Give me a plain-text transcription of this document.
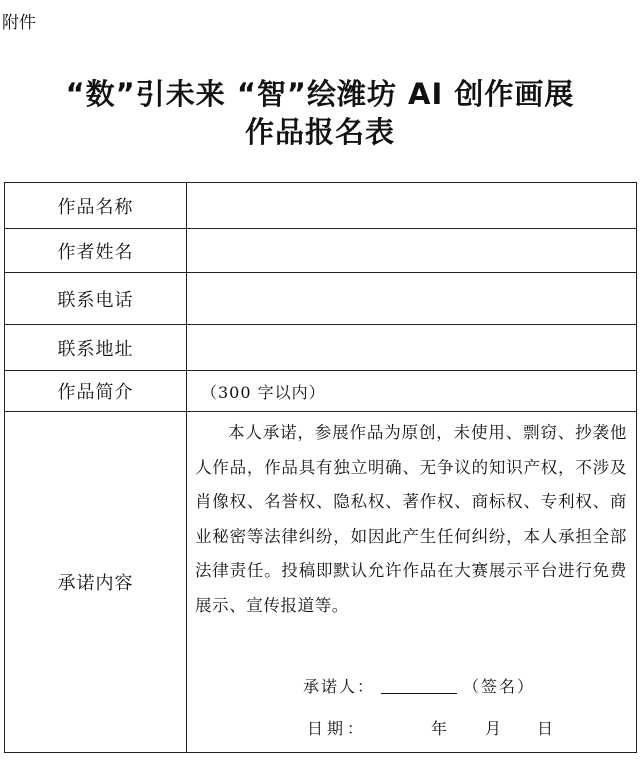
附件
“数”引未来 “智”绘潍坊 AI 创作画展
作品报名表
作品名称	
作者姓名	
联系电话	
联系地址	
作品简介	（300 字以内）

承诺内容	本人承诺，参展作品为原创，未使用、剽窃、抄袭他人作品，作品具有独立明确、无争议的知识产权，不涉及肖像权、名誉权、隐私权、著作权、商标权、专利权、商业秘密等法律纠纷，如因此产生任何纠纷，本人承担全部法律责任。投稿即默认允许作品在大赛展示平台进行免费展示、宣传报道等。
承诺人： （签名）
日期： 年 月 日
